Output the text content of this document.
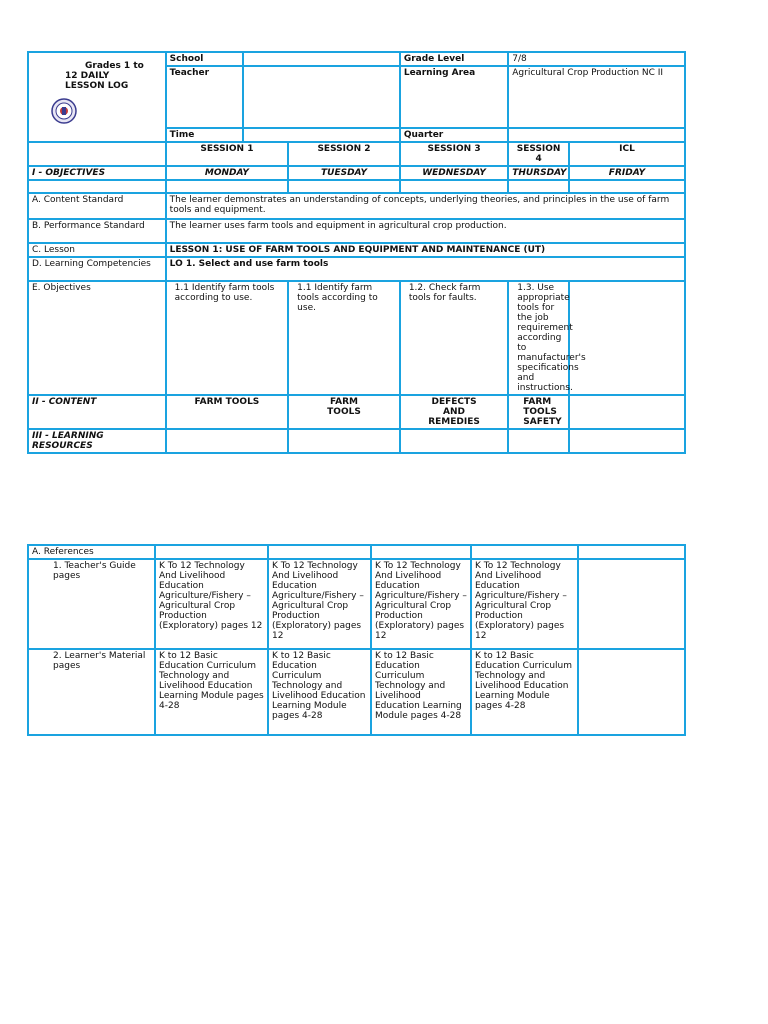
Grades 1 to
12 DAILY
LESSON LOG	School			Grade Level	7/8	
	Teacher			Learning Area	Agricultural Crop Production NC II	
	Time			Quarter		
	SESSION 1		SESSION 2	SESSION 3	SESSION 4	ICL
I - OBJECTIVES	MONDAY		TUESDAY	WEDNESDAY	THURSDAY	FRIDAY

A. Content Standard	The learner demonstrates an understanding of concepts, underlying theories, and principles in the use of farm tools and equipment.					
B. Performance Standard	The learner uses farm tools and equipment in agricultural crop production.					
C. Lesson	LESSON 1: USE OF FARM TOOLS AND EQUIPMENT AND MAINTENANCE (UT)					
D. Learning Competencies	LO 1. Select and use farm tools					
E. Objectives	1.1 Identify farm tools according to use.		1.1 Identify farm tools according to use.	1.2. Check farm tools for faults.	1.3. Use appropriate tools for the job requirement according to manufacturer's specifications and instructions.	
II - CONTENT	FARM TOOLS		FARM TOOLS	DEFECTS AND REMEDIES	FARM TOOLS SAFETY	
III - LEARNING RESOURCES						
A. References					
1. Teacher's Guide pages	K To 12 Technology And Livelihood Education Agriculture/Fishery – Agricultural Crop Production (Exploratory) pages 12	K To 12 Technology And Livelihood Education Agriculture/Fishery – Agricultural Crop Production (Exploratory) pages 12	K To 12 Technology And Livelihood Education Agriculture/Fishery – Agricultural Crop Production (Exploratory) pages 12	K To 12 Technology And Livelihood Education Agriculture/Fishery – Agricultural Crop Production (Exploratory) pages 12	
2. Learner's Material pages	K to 12 Basic Education Curriculum Technology and Livelihood Education Learning Module pages 4-28	K to 12 Basic Education Curriculum Technology and Livelihood Education Learning Module pages 4-28	K to 12 Basic Education Curriculum Technology and Livelihood Education Learning Module pages 4-28	K to 12 Basic Education Curriculum Technology and Livelihood Education Learning Module pages 4-28	
